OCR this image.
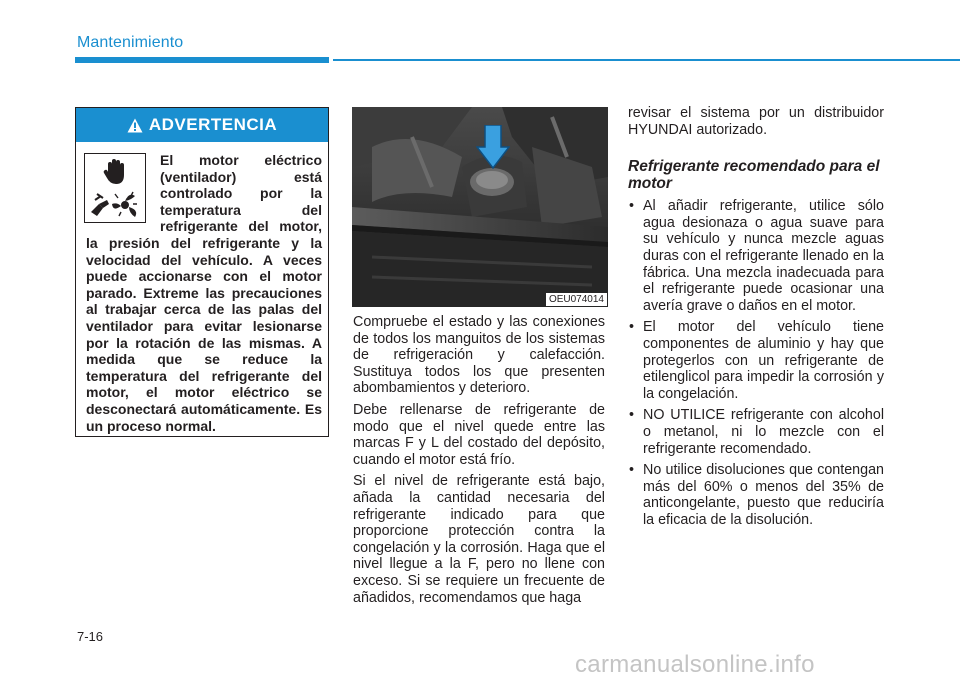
Mantenimiento
ADVERTENCIA
El motor eléctrico (ventilador) está controlado por la temperatura del refrigerante del motor, la presión del refrigerante y la velocidad del vehículo. A veces puede accionarse con el motor parado. Extreme las precauciones al trabajar cerca de las palas del ventilador para evitar lesionarse por la rotación de las mismas. A medida que se reduce la temperatura del refrigerante del motor, el motor eléctrico se desconectará automáticamente. Es un proceso normal.
OEU074014

Compruebe el estado y las conexiones de todos los manguitos de los sistemas de refrigeración y calefacción. Sustituya todos los que presenten abombamientos y deterioro.

Debe rellenarse de refrigerante de modo que el nivel quede entre las marcas F y L del costado del depósito, cuando el motor está frío.

Si el nivel de refrigerante está bajo, añada la cantidad necesaria del refrigerante indicado para que proporcione protección contra la congelación y la corrosión. Haga que el nivel llegue a la F, pero no llene con exceso. Si se requiere un frecuente de añadidos, recomendamos que haga

revisar el sistema por un distribuidor HYUNDAI autorizado.

Refrigerante recomendado para el motor
• Al añadir refrigerante, utilice sólo agua desionaza o agua suave para su vehículo y nunca mezcle aguas duras con el refrigerante llenado en la fábrica. Una mezcla inadecuada para el refrigerante puede ocasionar una avería grave o daños en el motor.
• El motor del vehículo tiene componentes de aluminio y hay que protegerlos con un refrigerante de etilenglicol para impedir la corrosión y la congelación.
• NO UTILICE refrigerante con alcohol o metanol, ni lo mezcle con el refrigerante recomendado.
• No utilice disoluciones que contengan más del 60% o menos del 35% de anticongelante, puesto que reduciría la eficacia de la disolución.
7-16
carmanualsonline.info
